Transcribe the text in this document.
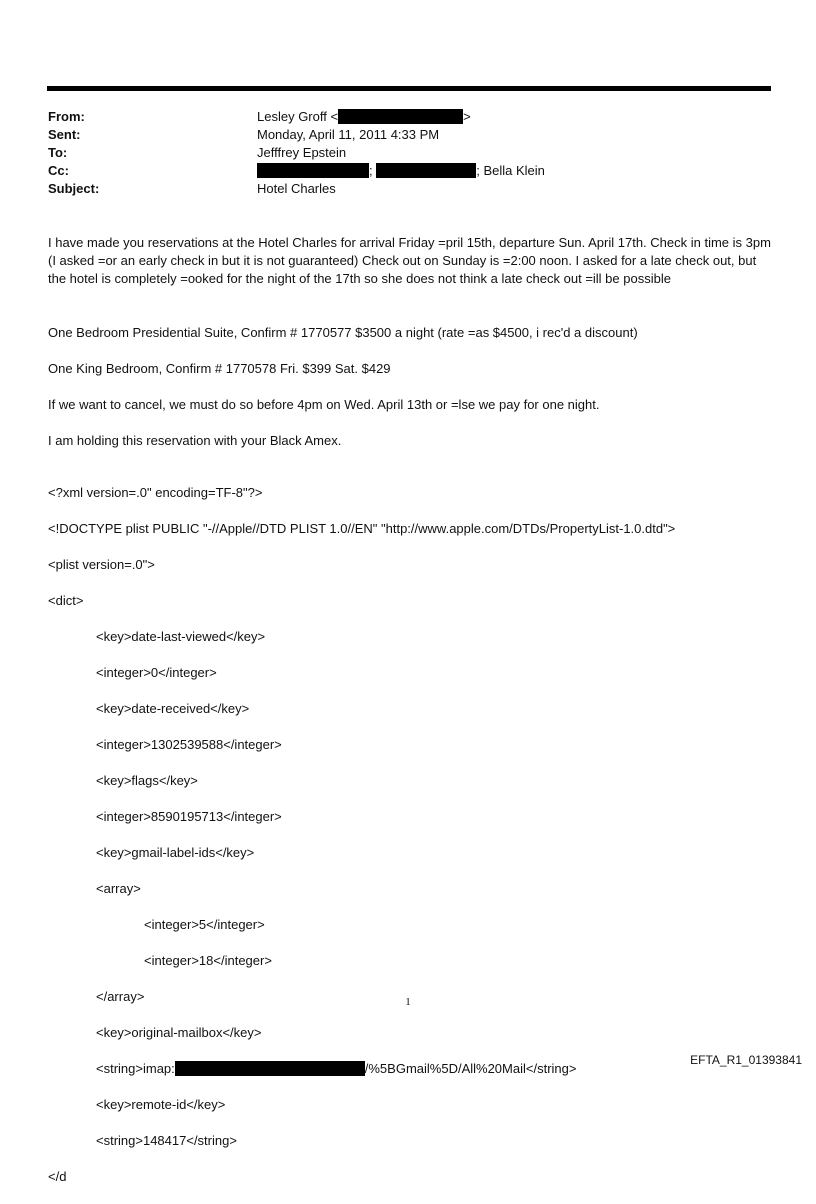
From:	Lesley Groff <	>
Sent:	Monday, April 11, 2011 4:33 PM
To:	Jefffrey Epstein
Cc:	;	; Bella Klein
Subject:	Hotel Charles
I have made you reservations at the Hotel Charles for arrival Friday =pril 15th, departure Sun. April 17th. Check in time is 3pm (I asked =or an early check in but it is not guaranteed) Check out on Sunday is =2:00 noon. I asked for a late check out, but the hotel is completely =ooked for the night of the 17th so she does not think a late check out =ill be possible
One Bedroom Presidential Suite, Confirm # 1770577 $3500 a night (rate =as $4500, i rec'd a discount)
One King Bedroom, Confirm # 1770578 Fri. $399 Sat. $429
If we want to cancel, we must do so before 4pm on Wed. April 13th or =lse we pay for one night.
I am holding this reservation with your Black Amex.

<?xml version=.0" encoding=TF-8"?>

<!DOCTYPE plist PUBLIC "-//Apple//DTD PLIST 1.0//EN" "http://www.apple.com/DTDs/PropertyList-1.0.dtd">

<plist version=.0">

<dict>

<key>date-last-viewed</key>

<integer>0</integer>

<key>date-received</key>

<integer>1302539588</integer>

<key>flags</key>

<integer>8590195713</integer>

<key>gmail-label-ids</key>

<array>

<integer>5</integer>

<integer>18</integer>

</array>

<key>original-mailbox</key>

<string>imap:	/%5BGmail%5D/All%20Mail</string>

<key>remote-id</key>

<string>148417</string>

</d

1
EFTA_R1_01393841
